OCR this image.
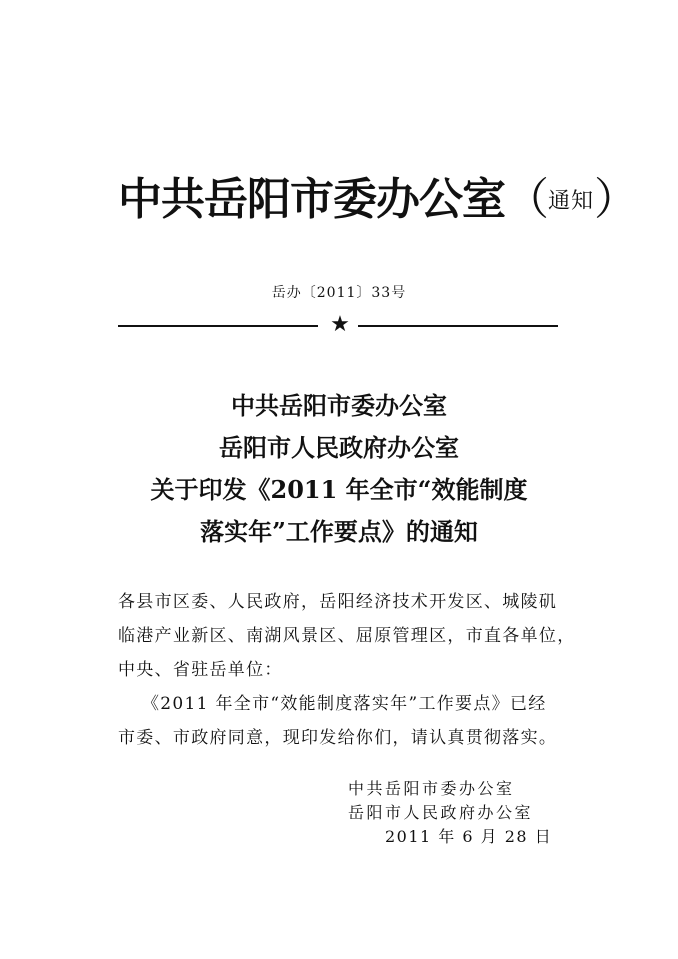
中共岳阳市委办公室（通知）
岳办〔2011〕33号
★
中共岳阳市委办公室
岳阳市人民政府办公室
关于印发《2011 年全市“效能制度
落实年”工作要点》的通知
各县市区委、人民政府，岳阳经济技术开发区、城陵矶
临港产业新区、南湖风景区、屈原管理区，市直各单位，
中央、省驻岳单位：
《2011 年全市“效能制度落实年”工作要点》已经
市委、市政府同意，现印发给你们，请认真贯彻落实。
中共岳阳市委办公室
岳阳市人民政府办公室
2011 年 6 月 28 日
